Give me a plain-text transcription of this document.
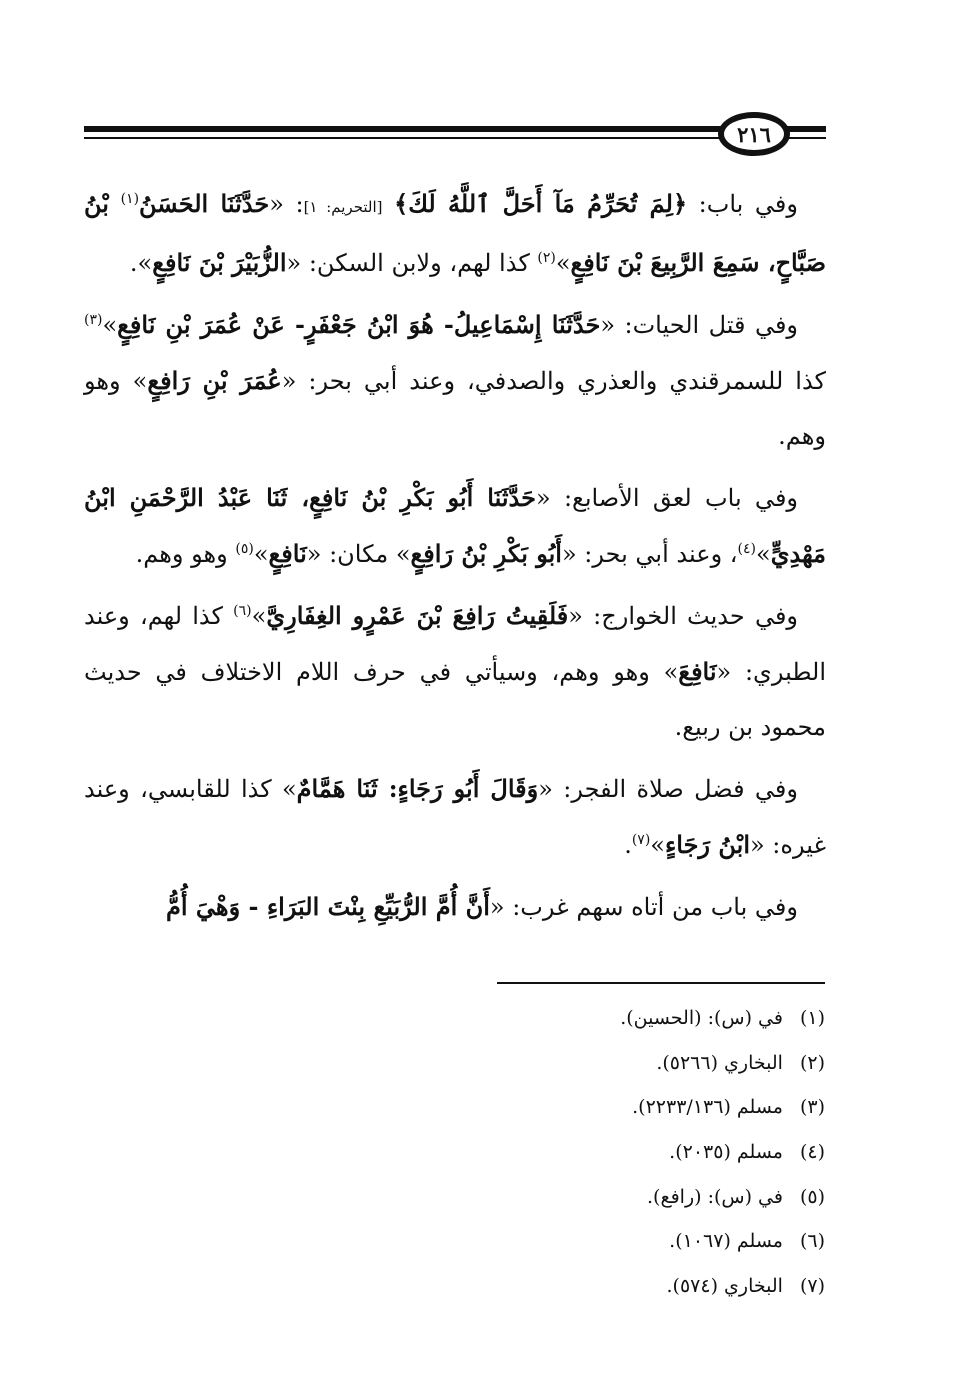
٢١٦

وفي باب: ﴿لِمَ تُحَرِّمُ مَآ أَحَلَّ ٱللَّهُ لَكَ﴾ [التحريم: ١]: «حَدَّثَنَا الحَسَنُ$^{(١)}$ بْنُ صَبَّاحٍ، سَمِعَ الرَّبِيعَ بْنَ نَافِعٍ»$^{(٢)}$ كذا لهم، ولابن السكن: «الزُّبَيْرَ بْنَ نَافِعٍ».

وفي قتل الحيات: «حَدَّثَنَا إِسْمَاعِيلُ- هُوَ ابْنُ جَعْفَرٍ- عَنْ عُمَرَ بْنِ نَافِعٍ»$^{(٣)}$ كذا للسمرقندي والعذري والصدفي، وعند أبي بحر: «عُمَرَ بْنِ رَافِعٍ» وهو وهم.

وفي باب لعق الأصابع: «حَدَّثَنَا أَبُو بَكْرِ بْنُ نَافِعٍ، ثَنَا عَبْدُ الرَّحْمَنِ ابْنُ مَهْدِيٍّ»$^{(٤)}$، وعند أبي بحر: «أَبُو بَكْرِ بْنُ رَافِعٍ» مكان: «نَافِعٍ»$^{(٥)}$ وهو وهم.

وفي حديث الخوارج: «فَلَقِيتُ رَافِعَ بْنَ عَمْرٍو الغِفَارِيَّ»$^{(٦)}$ كذا لهم، وعند الطبري: «نَافِعَ» وهو وهم، وسيأتي في حرف اللام الاختلاف في حديث محمود بن ربيع.

وفي فضل صلاة الفجر: «وَقَالَ أَبُو رَجَاءٍ: ثَنَا هَمَّامٌ» كذا للقابسي، وعند غيره: «ابْنُ رَجَاءٍ»$^{(٧)}$.

وفي باب من أتاه سهم غرب: «أَنَّ أُمَّ الرُّبَيِّعِ بِنْتَ البَرَاءِ - وَهْيَ أُمُّ

(١) في (س): (الحسين).
(٢) البخاري (٥٢٦٦).
(٣) مسلم (٢٢٣٣/١٣٦).
(٤) مسلم (٢٠٣٥).
(٥) في (س): (رافع).
(٦) مسلم (١٠٦٧).
(٧) البخاري (٥٧٤).
